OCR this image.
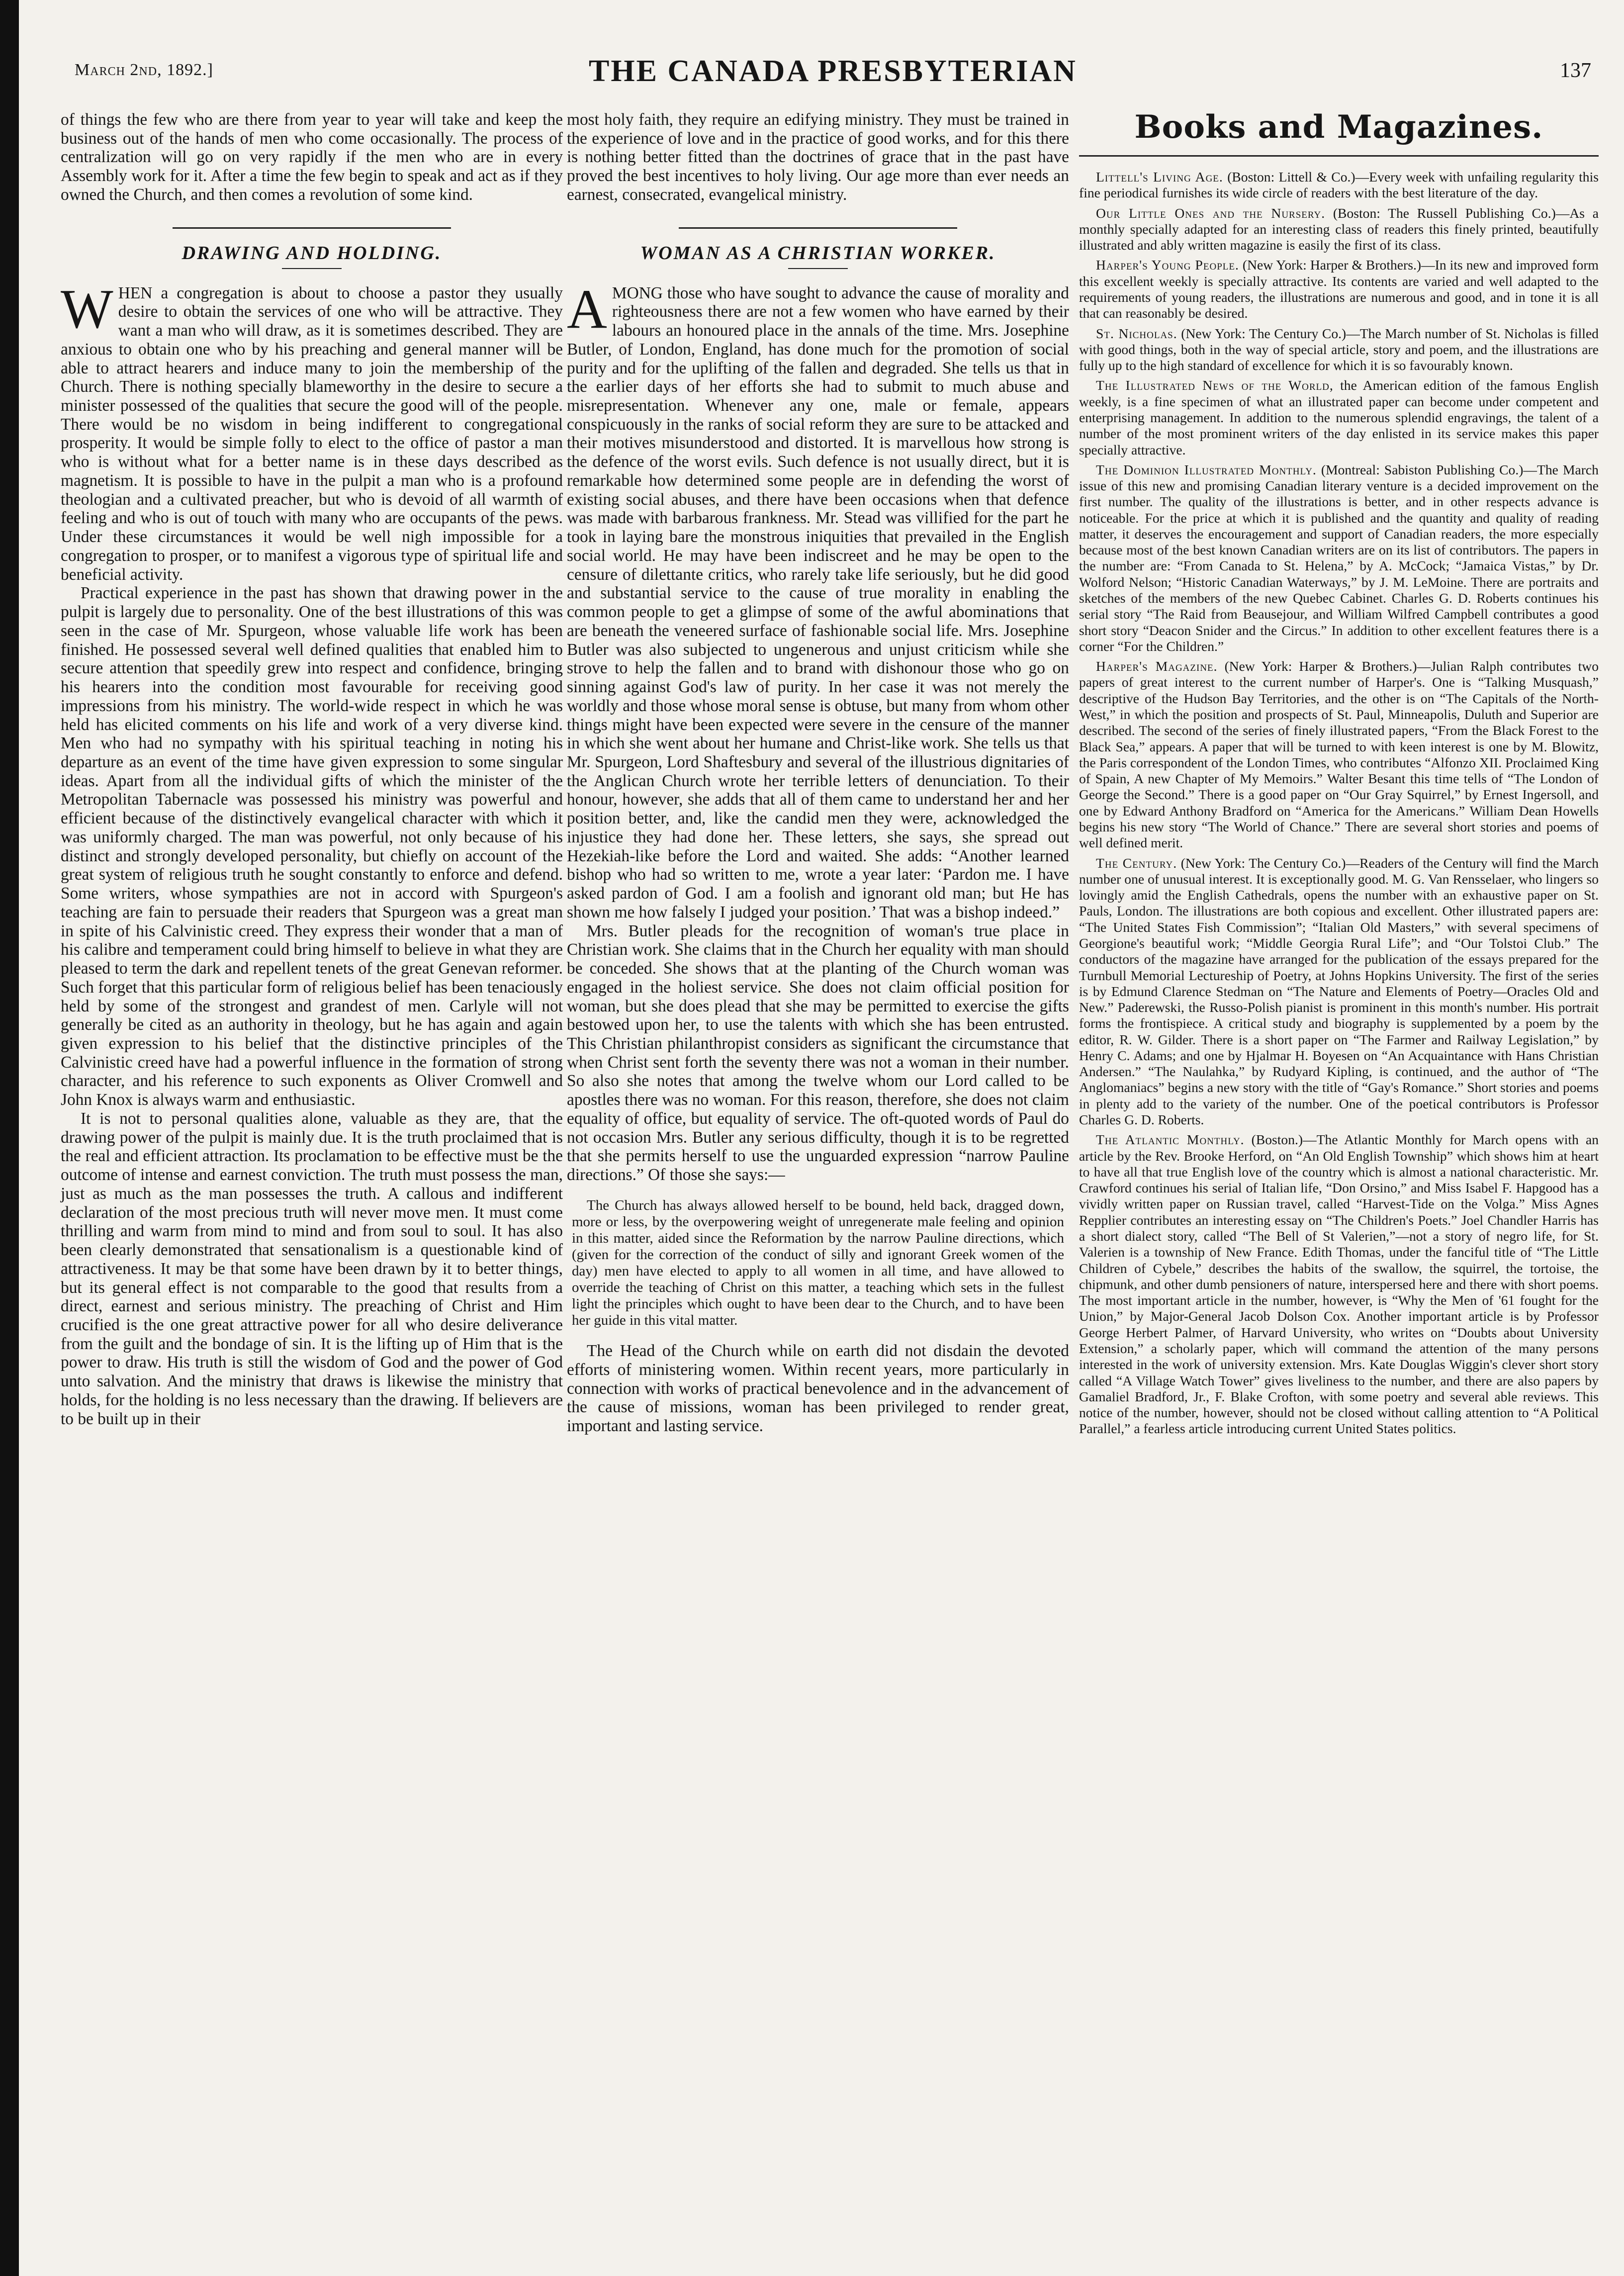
March 2nd, 1892.]	THE CANADA PRESBYTERIAN	137

of things the few who are there from year to year will take and keep the business out of the hands of men who come occasionally. The process of centralization will go on very rapidly if the men who are in every Assembly work for it. After a time the few begin to speak and act as if they owned the Church, and then comes a revolution of some kind.

DRAWING AND HOLDING.

WHEN a congregation is about to choose a pastor they usually desire to obtain the services of one who will be attractive. They want a man who will draw, as it is sometimes described. They are anxious to obtain one who by his preaching and general manner will be able to attract hearers and induce many to join the membership of the Church. There is nothing specially blameworthy in the desire to secure a minister possessed of the qualities that secure the good will of the people. There would be no wisdom in being indifferent to congregational prosperity. It would be simple folly to elect to the office of pastor a man who is without what for a better name is in these days described as magnetism. It is possible to have in the pulpit a man who is a profound theologian and a cultivated preacher, but who is devoid of all warmth of feeling and who is out of touch with many who are occupants of the pews. Under these circumstances it would be well nigh impossible for a congregation to prosper, or to manifest a vigorous type of spiritual life and beneficial activity.

Practical experience in the past has shown that drawing power in the pulpit is largely due to personality. One of the best illustrations of this was seen in the case of Mr. Spurgeon, whose valuable life work has been finished. He possessed several well defined qualities that enabled him to secure attention that speedily grew into respect and confidence, bringing his hearers into the condition most favourable for receiving good impressions from his ministry. The world-wide respect in which he was held has elicited comments on his life and work of a very diverse kind. Men who had no sympathy with his spiritual teaching in noting his departure as an event of the time have given expression to some singular ideas. Apart from all the individual gifts of which the minister of the Metropolitan Tabernacle was possessed his ministry was powerful and efficient because of the distinctively evangelical character with which it was uniformly charged. The man was powerful, not only because of his distinct and strongly developed personality, but chiefly on account of the great system of religious truth he sought constantly to enforce and defend. Some writers, whose sympathies are not in accord with Spurgeon's teaching are fain to persuade their readers that Spurgeon was a great man in spite of his Calvinistic creed. They express their wonder that a man of his calibre and temperament could bring himself to believe in what they are pleased to term the dark and repellent tenets of the great Genevan reformer. Such forget that this particular form of religious belief has been tenaciously held by some of the strongest and grandest of men. Carlyle will not generally be cited as an authority in theology, but he has again and again given expression to his belief that the distinctive principles of the Calvinistic creed have had a powerful influence in the formation of strong character, and his reference to such exponents as Oliver Cromwell and John Knox is always warm and enthusiastic.

It is not to personal qualities alone, valuable as they are, that the drawing power of the pulpit is mainly due. It is the truth proclaimed that is the real and efficient attraction. Its proclamation to be effective must be the outcome of intense and earnest conviction. The truth must possess the man, just as much as the man possesses the truth. A callous and indifferent declaration of the most precious truth will never move men. It must come thrilling and warm from mind to mind and from soul to soul. It has also been clearly demonstrated that sensationalism is a questionable kind of attractiveness. It may be that some have been drawn by it to better things, but its general effect is not comparable to the good that results from a direct, earnest and serious ministry. The preaching of Christ and Him crucified is the one great attractive power for all who desire deliverance from the guilt and the bondage of sin. It is the lifting up of Him that is the power to draw. His truth is still the wisdom of God and the power of God unto salvation. And the ministry that draws is likewise the ministry that holds, for the holding is no less necessary than the drawing. If believers are to be built up in their

most holy faith, they require an edifying ministry. They must be trained in the experience of love and in the practice of good works, and for this there is nothing better fitted than the doctrines of grace that in the past have proved the best incentives to holy living. Our age more than ever needs an earnest, consecrated, evangelical ministry.

WOMAN AS A CHRISTIAN WORKER.

AMONG those who have sought to advance the cause of morality and righteousness there are not a few women who have earned by their labours an honoured place in the annals of the time. Mrs. Josephine Butler, of London, England, has done much for the promotion of social purity and for the uplifting of the fallen and degraded. She tells us that in the earlier days of her efforts she had to submit to much abuse and misrepresentation. Whenever any one, male or female, appears conspicuously in the ranks of social reform they are sure to be attacked and their motives misunderstood and distorted. It is marvellous how strong is the defence of the worst evils. Such defence is not usually direct, but it is remarkable how determined some people are in defending the worst of existing social abuses, and there have been occasions when that defence was made with barbarous frankness. Mr. Stead was villified for the part he took in laying bare the monstrous iniquities that prevailed in the English social world. He may have been indiscreet and he may be open to the censure of dilettante critics, who rarely take life seriously, but he did good and substantial service to the cause of true morality in enabling the common people to get a glimpse of some of the awful abominations that are beneath the veneered surface of fashionable social life. Mrs. Josephine Butler was also subjected to ungenerous and unjust criticism while she strove to help the fallen and to brand with dishonour those who go on sinning against God's law of purity. In her case it was not merely the worldly and those whose moral sense is obtuse, but many from whom other things might have been expected were severe in the censure of the manner in which she went about her humane and Christ-like work. She tells us that Mr. Spurgeon, Lord Shaftesbury and several of the illustrious dignitaries of the Anglican Church wrote her terrible letters of denunciation. To their honour, however, she adds that all of them came to understand her and her position better, and, like the candid men they were, acknowledged the injustice they had done her. These letters, she says, she spread out Hezekiah-like before the Lord and waited. She adds: “Another learned bishop who had so written to me, wrote a year later: ‘Pardon me. I have asked pardon of God. I am a foolish and ignorant old man; but He has shown me how falsely I judged your position.’ That was a bishop indeed.”

Mrs. Butler pleads for the recognition of woman's true place in Christian work. She claims that in the Church her equality with man should be conceded. She shows that at the planting of the Church woman was engaged in the holiest service. She does not claim official position for woman, but she does plead that she may be permitted to exercise the gifts bestowed upon her, to use the talents with which she has been entrusted. This Christian philanthropist considers as significant the circumstance that when Christ sent forth the seventy there was not a woman in their number. So also she notes that among the twelve whom our Lord called to be apostles there was no woman. For this reason, therefore, she does not claim equality of office, but equality of service. The oft-quoted words of Paul do not occasion Mrs. Butler any serious difficulty, though it is to be regretted that she permits herself to use the unguarded expression “narrow Pauline directions.” Of those she says:—

The Church has always allowed herself to be bound, held back, dragged down, more or less, by the overpowering weight of unregenerate male feeling and opinion in this matter, aided since the Reformation by the narrow Pauline directions, which (given for the correction of the conduct of silly and ignorant Greek women of the day) men have elected to apply to all women in all time, and have allowed to override the teaching of Christ on this matter, a teaching which sets in the fullest light the principles which ought to have been dear to the Church, and to have been her guide in this vital matter.

The Head of the Church while on earth did not disdain the devoted efforts of ministering women. Within recent years, more particularly in connection with works of practical benevolence and in the advancement of the cause of missions, woman has been privileged to render great, important and lasting service.

Books and Magazines.

Littell's Living Age. (Boston: Littell & Co.)—Every week with unfailing regularity this fine periodical furnishes its wide circle of readers with the best literature of the day.

Our Little Ones and the Nursery. (Boston: The Russell Publishing Co.)—As a monthly specially adapted for an interesting class of readers this finely printed, beautifully illustrated and ably written magazine is easily the first of its class.

Harper's Young People. (New York: Harper & Brothers.)—In its new and improved form this excellent weekly is specially attractive. Its contents are varied and well adapted to the requirements of young readers, the illustrations are numerous and good, and in tone it is all that can reasonably be desired.

St. Nicholas. (New York: The Century Co.)—The March number of St. Nicholas is filled with good things, both in the way of special article, story and poem, and the illustrations are fully up to the high standard of excellence for which it is so favourably known.

The Illustrated News of the World, the American edition of the famous English weekly, is a fine specimen of what an illustrated paper can become under competent and enterprising management. In addition to the numerous splendid engravings, the talent of a number of the most prominent writers of the day enlisted in its service makes this paper specially attractive.

The Dominion Illustrated Monthly. (Montreal: Sabiston Publishing Co.)—The March issue of this new and promising Canadian literary venture is a decided improvement on the first number. The quality of the illustrations is better, and in other respects advance is noticeable. For the price at which it is published and the quantity and quality of reading matter, it deserves the encouragement and support of Canadian readers, the more especially because most of the best known Canadian writers are on its list of contributors. The papers in the number are: “From Canada to St. Helena,” by A. McCock; “Jamaica Vistas,” by Dr. Wolford Nelson; “Historic Canadian Waterways,” by J. M. LeMoine. There are portraits and sketches of the members of the new Quebec Cabinet. Charles G. D. Roberts continues his serial story “The Raid from Beausejour, and William Wilfred Campbell contributes a good short story “Deacon Snider and the Circus.” In addition to other excellent features there is a corner “For the Children.”

Harper's Magazine. (New York: Harper & Brothers.)—Julian Ralph contributes two papers of great interest to the current number of Harper's. One is “Talking Musquash,” descriptive of the Hudson Bay Territories, and the other is on “The Capitals of the North-West,” in which the position and prospects of St. Paul, Minneapolis, Duluth and Superior are described. The second of the series of finely illustrated papers, “From the Black Forest to the Black Sea,” appears. A paper that will be turned to with keen interest is one by M. Blowitz, the Paris correspondent of the London Times, who contributes “Alfonzo XII. Proclaimed King of Spain, A new Chapter of My Memoirs.” Walter Besant this time tells of “The London of George the Second.” There is a good paper on “Our Gray Squirrel,” by Ernest Ingersoll, and one by Edward Anthony Bradford on “America for the Americans.” William Dean Howells begins his new story “The World of Chance.” There are several short stories and poems of well defined merit.

The Century. (New York: The Century Co.)—Readers of the Century will find the March number one of unusual interest. It is exceptionally good. M. G. Van Rensselaer, who lingers so lovingly amid the English Cathedrals, opens the number with an exhaustive paper on St. Pauls, London. The illustrations are both copious and excellent. Other illustrated papers are: “The United States Fish Commission”; “Italian Old Masters,” with several specimens of Georgione's beautiful work; “Middle Georgia Rural Life”; and “Our Tolstoi Club.” The conductors of the magazine have arranged for the publication of the essays prepared for the Turnbull Memorial Lectureship of Poetry, at Johns Hopkins University. The first of the series is by Edmund Clarence Stedman on “The Nature and Elements of Poetry—Oracles Old and New.” Paderewski, the Russo-Polish pianist is prominent in this month's number. His portrait forms the frontispiece. A critical study and biography is supplemented by a poem by the editor, R. W. Gilder. There is a short paper on “The Farmer and Railway Legislation,” by Henry C. Adams; and one by Hjalmar H. Boyesen on “An Acquaintance with Hans Christian Andersen.” “The Naulahka,” by Rudyard Kipling, is continued, and the author of “The Anglomaniacs” begins a new story with the title of “Gay's Romance.” Short stories and poems in plenty add to the variety of the number. One of the poetical contributors is Professor Charles G. D. Roberts.

The Atlantic Monthly. (Boston.)—The Atlantic Monthly for March opens with an article by the Rev. Brooke Herford, on “An Old English Township” which shows him at heart to have all that true English love of the country which is almost a national characteristic. Mr. Crawford continues his serial of Italian life, “Don Orsino,” and Miss Isabel F. Hapgood has a vividly written paper on Russian travel, called “Harvest-Tide on the Volga.” Miss Agnes Repplier contributes an interesting essay on “The Children's Poets.” Joel Chandler Harris has a short dialect story, called “The Bell of St Valerien,”—not a story of negro life, for St. Valerien is a township of New France. Edith Thomas, under the fanciful title of “The Little Children of Cybele,” describes the habits of the swallow, the squirrel, the tortoise, the chipmunk, and other dumb pensioners of nature, interspersed here and there with short poems. The most important article in the number, however, is “Why the Men of '61 fought for the Union,” by Major-General Jacob Dolson Cox. Another important article is by Professor George Herbert Palmer, of Harvard University, who writes on “Doubts about University Extension,” a scholarly paper, which will command the attention of the many persons interested in the work of university extension. Mrs. Kate Douglas Wiggin's clever short story called “A Village Watch Tower” gives liveliness to the number, and there are also papers by Gamaliel Bradford, Jr., F. Blake Crofton, with some poetry and several able reviews. This notice of the number, however, should not be closed without calling attention to “A Political Parallel,” a fearless article introducing current United States politics.
